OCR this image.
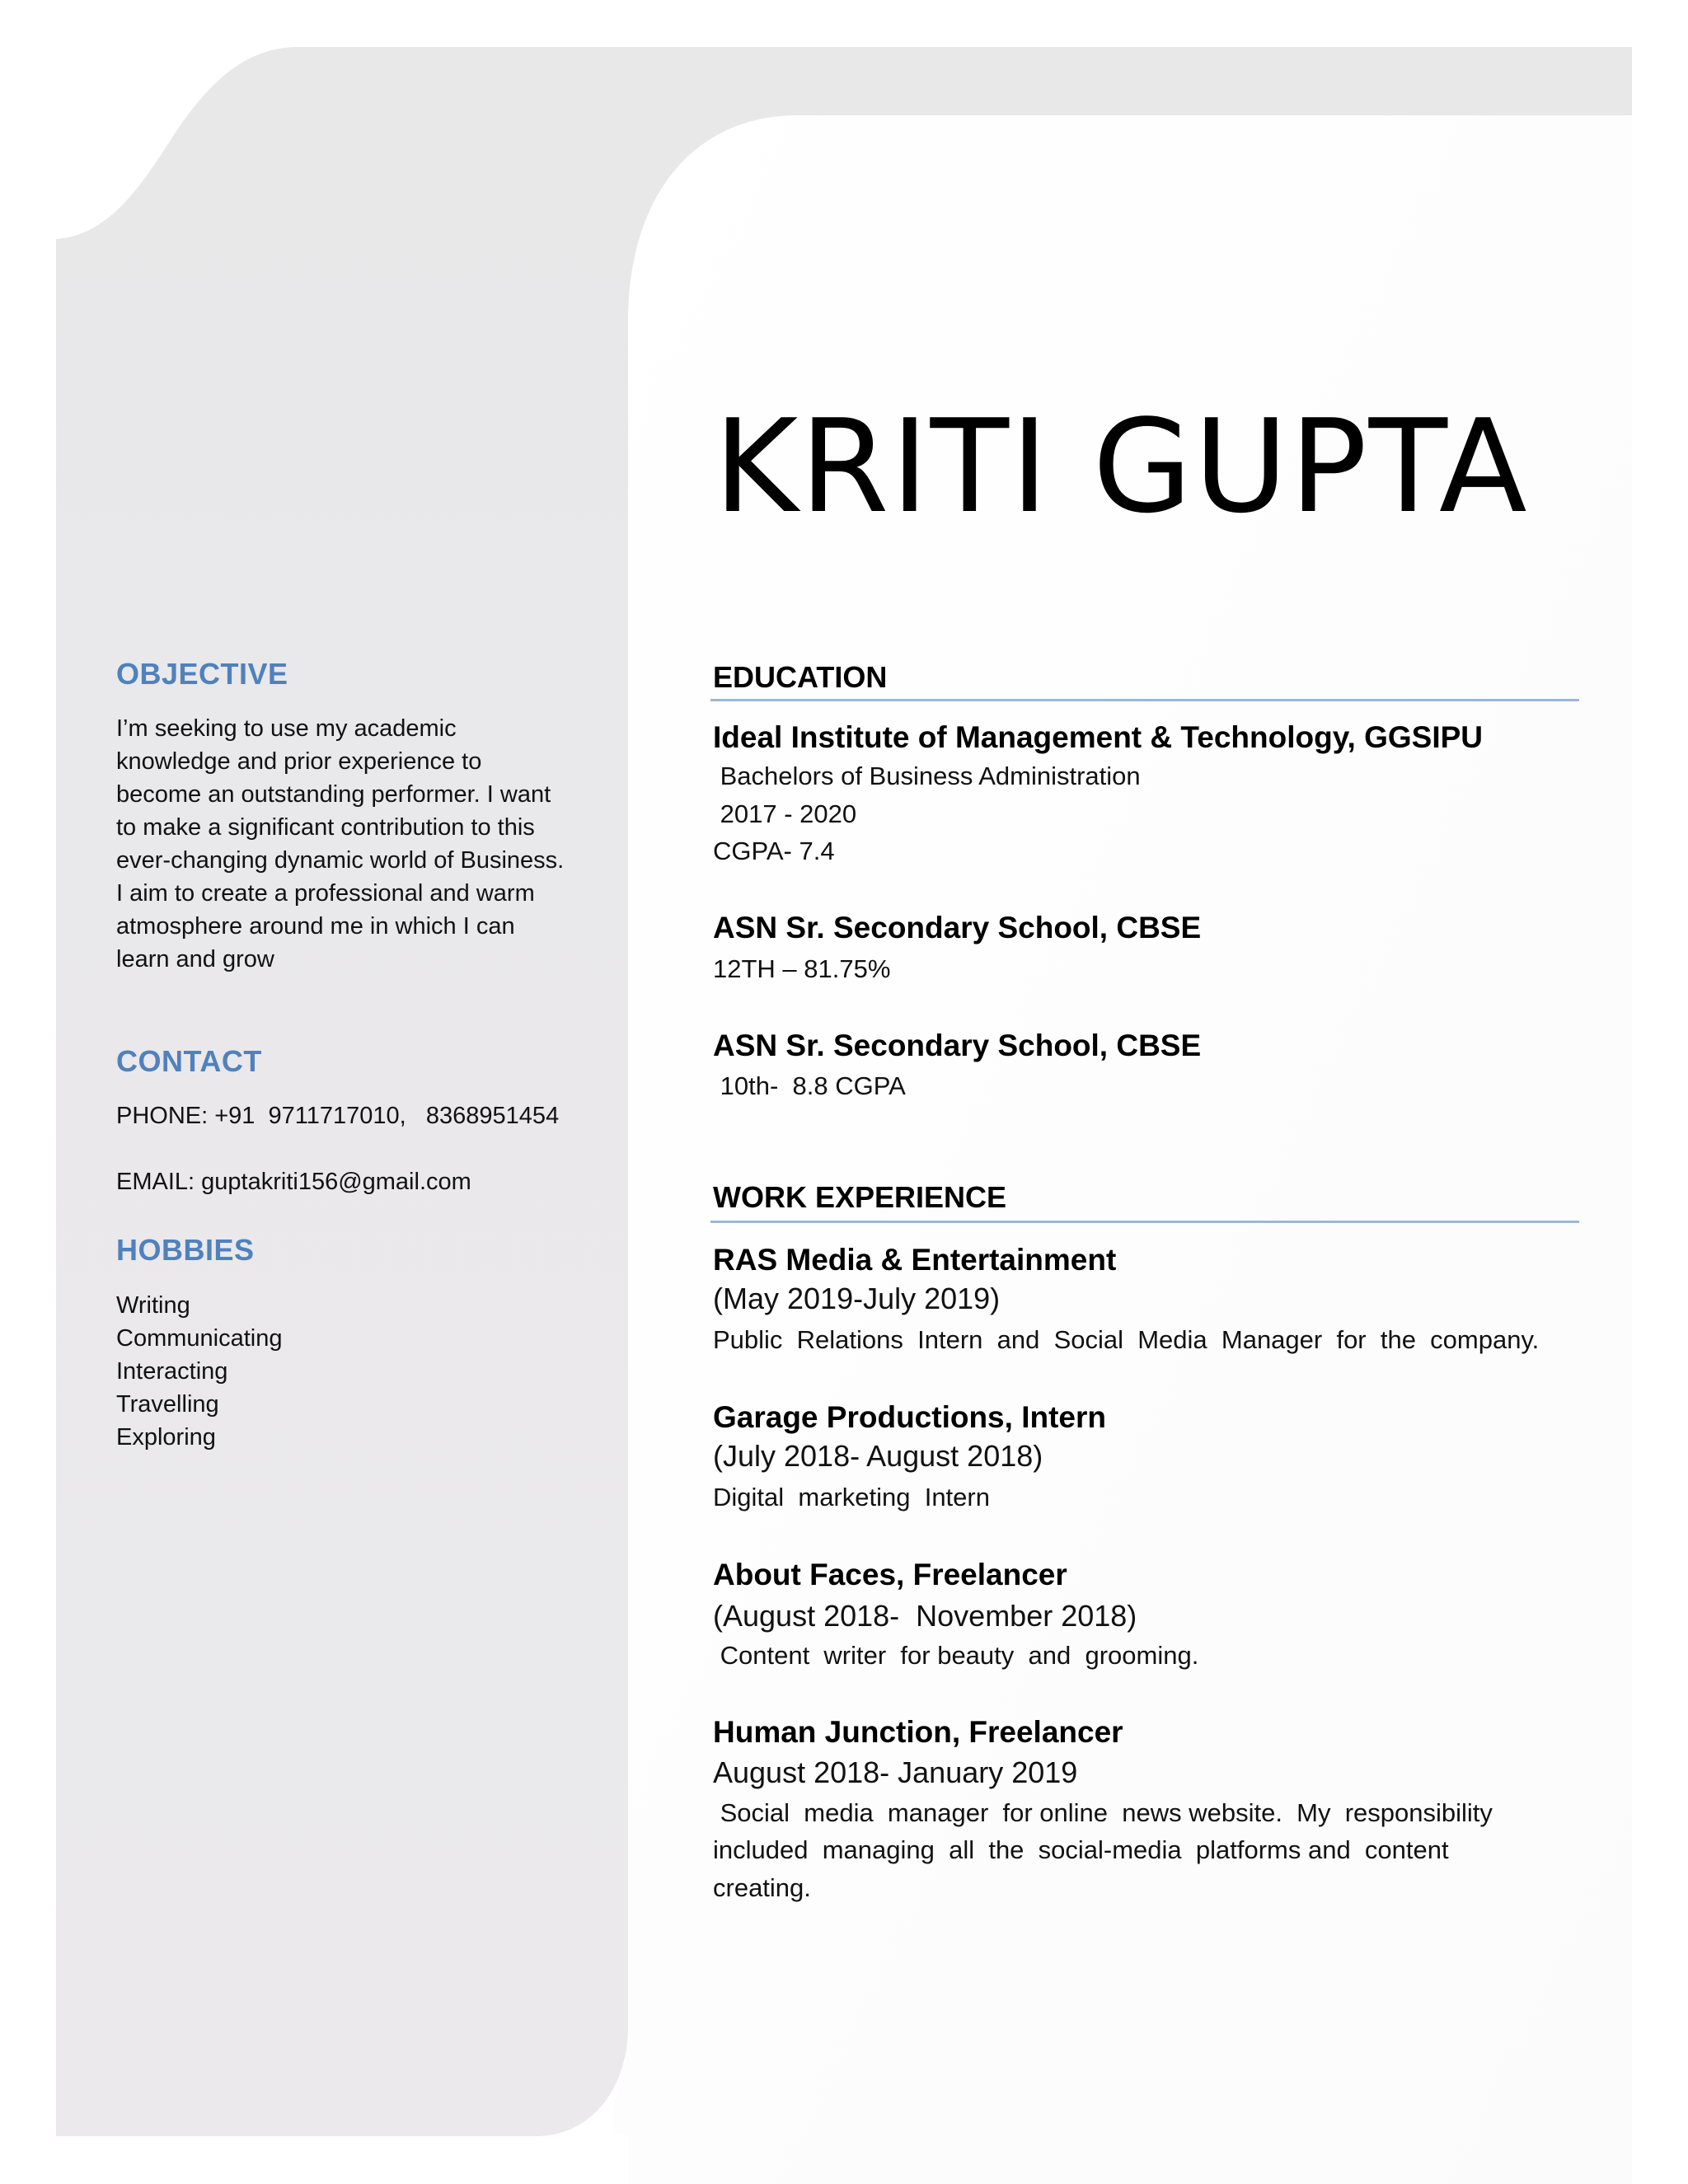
KRITI GUPTA
OBJECTIVE
I’m seeking to use my academic
knowledge and prior experience to
become an outstanding performer. I want
to make a significant contribution to this
ever-changing dynamic world of Business.
I aim to create a professional and warm
atmosphere around me in which I can
learn and grow
CONTACT
PHONE: +91  9711717010,   8368951454
EMAIL: guptakriti156@gmail.com
HOBBIES
Writing
Communicating
Interacting
Travelling
Exploring
EDUCATION
Ideal Institute of Management & Technology, GGSIPU
Bachelors of Business Administration
2017 - 2020
CGPA- 7.4
ASN Sr. Secondary School, CBSE
12TH – 81.75%
ASN Sr. Secondary School, CBSE
10th-  8.8 CGPA
WORK EXPERIENCE
RAS Media & Entertainment
(May 2019-July 2019)
Public  Relations  Intern  and  Social  Media  Manager  for  the  company.
Garage Productions, Intern
(July 2018- August 2018)
Digital  marketing  Intern
About Faces, Freelancer
(August 2018-  November 2018)
Content  writer  for beauty  and  grooming.
Human Junction, Freelancer
August 2018- January 2019
Social  media  manager  for online  news website.  My  responsibility
included  managing  all  the  social-media  platforms and  content
creating.
